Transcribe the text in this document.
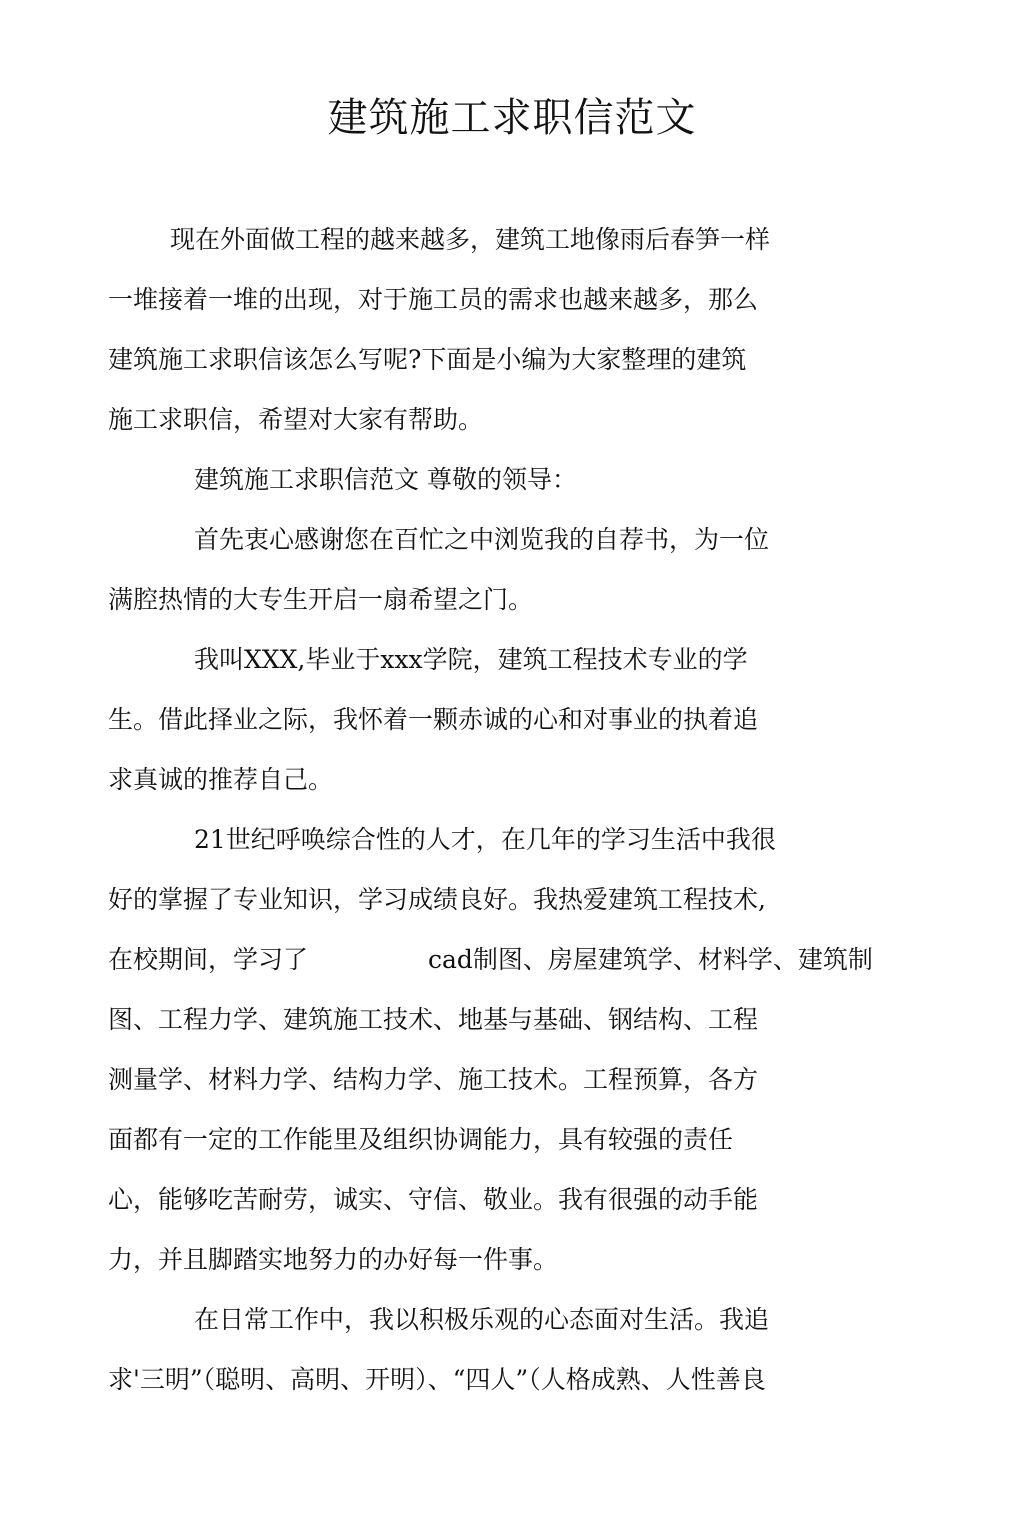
建筑施工求职信范文

现在外面做工程的越来越多，建筑工地像雨后春笋一样

一堆接着一堆的出现，对于施工员的需求也越来越多，那么

建筑施工求职信该怎么写呢?下面是小编为大家整理的建筑

施工求职信，希望对大家有帮助。

建筑施工求职信范文 尊敬的领导：

首先衷心感谢您在百忙之中浏览我的自荐书，为一位

满腔热情的大专生开启一扇希望之门。

我叫XXX,毕业于xxx学院，建筑工程技术专业的学

生。借此择业之际，我怀着一颗赤诚的心和对事业的执着追

求真诚的推荐自己。

21世纪呼唤综合性的人才，在几年的学习生活中我很

好的掌握了专业知识，学习成绩良好。我热爱建筑工程技术,

在校期间，学习了	cad制图、房屋建筑学、材料学、建筑制

图、工程力学、建筑施工技术、地基与基础、钢结构、工程

测量学、材料力学、结构力学、施工技术。工程预算，各方

面都有一定的工作能里及组织协调能力，具有较强的责任

心，能够吃苦耐劳，诚实、守信、敬业。我有很强的动手能

力，并且脚踏实地努力的办好每一件事。

在日常工作中，我以积极乐观的心态面对生活。我追

求'三明”（聪明、高明、开明）、“四人”（人格成熟、人性善良
